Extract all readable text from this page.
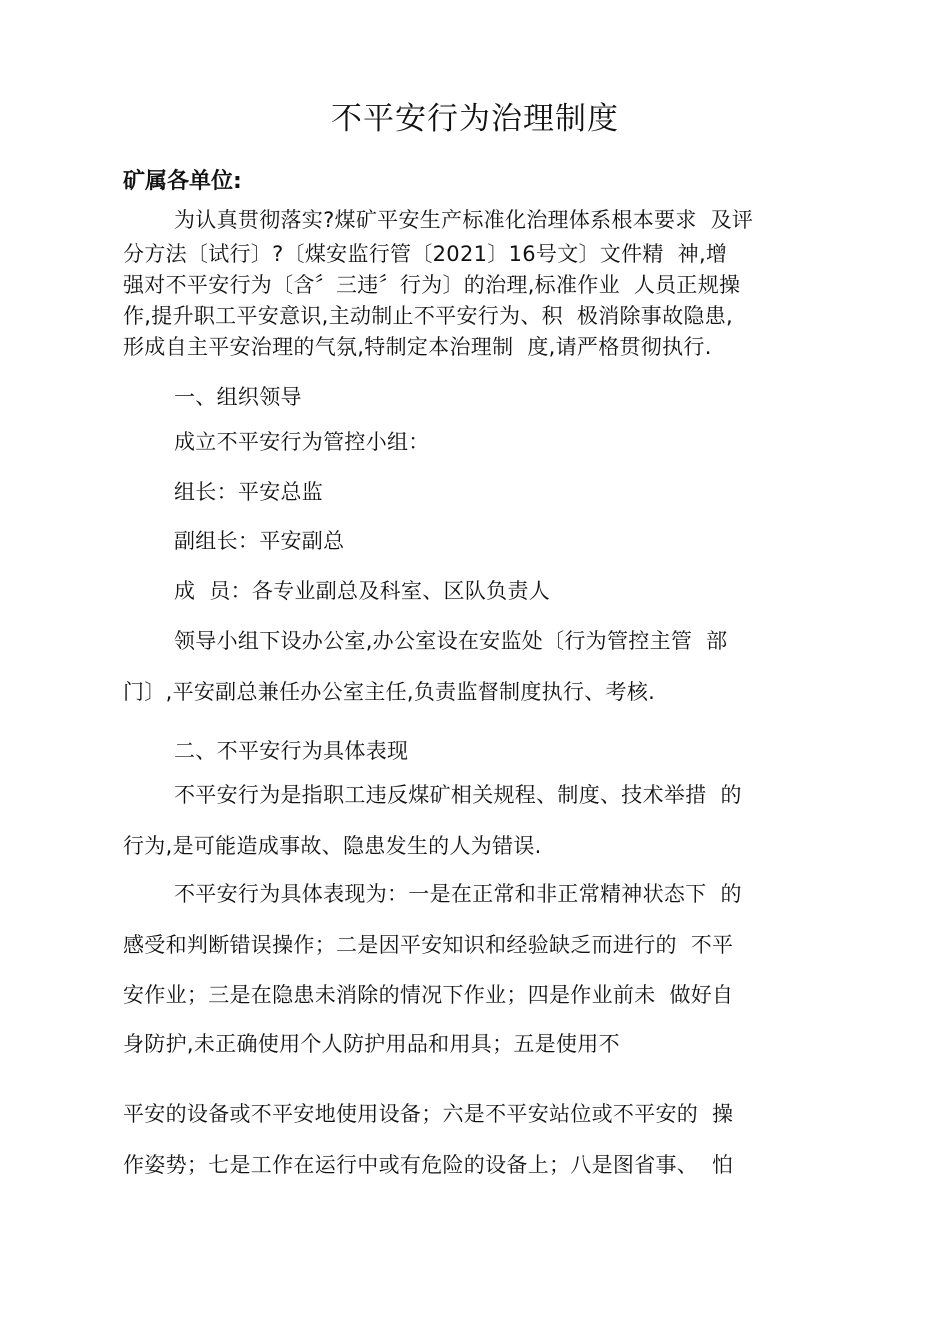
不平安行为治理制度
矿属各单位:
为认真贯彻落实?煤矿平安生产标准化治理体系根本要求  及评
分方法〔试行〕?〔煤安监行管〔2021〕16号文〕文件精  神,增
强对不平安行为〔含〞三违〞行为〕的治理,标准作业  人员正规操
作,提升职工平安意识,主动制止不平安行为、积  极消除事故隐患,
形成自主平安治理的气氛,特制定本治理制  度,请严格贯彻执行.
一、组织领导
成立不平安行为管控小组：
组长：平安总监
副组长：平安副总
成  员：各专业副总及科室、区队负责人
领导小组下设办公室,办公室设在安监处〔行为管控主管  部
门〕,平安副总兼任办公室主任,负责监督制度执行、考核.
二、不平安行为具体表现
不平安行为是指职工违反煤矿相关规程、制度、技术举措  的
行为,是可能造成事故、隐患发生的人为错误.
不平安行为具体表现为：一是在正常和非正常精神状态下  的
感受和判断错误操作；二是因平安知识和经验缺乏而进行的  不平
安作业；三是在隐患未消除的情况下作业；四是作业前未  做好自
身防护,未正确使用个人防护用品和用具；五是使用不
平安的设备或不平安地使用设备；六是不平安站位或不平安的  操
作姿势；七是工作在运行中或有危险的设备上；八是图省事、  怕
